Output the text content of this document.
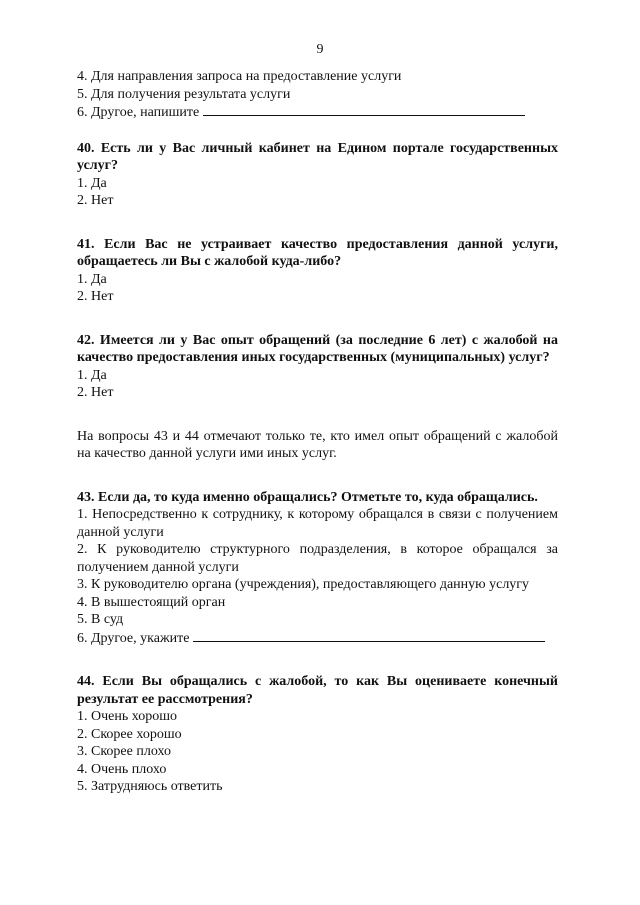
9
4. Для направления запроса на предоставление услуги
5. Для получения результата услуги
6. Другое, напишите
40. Есть ли у Вас личный кабинет на Едином портале государственных услуг?
1. Да
2. Нет
41. Если Вас не устраивает качество предоставления данной услуги, обращаетесь ли Вы с жалобой куда-либо?
1. Да
2. Нет
42. Имеется ли у Вас опыт обращений (за последние 6 лет) с жалобой на качество предоставления иных государственных (муниципальных) услуг?
1. Да
2. Нет
На вопросы 43 и 44 отмечают только те, кто имел опыт обращений с жалобой на качество данной услуги ими иных услуг.
43. Если да, то куда именно обращались? Отметьте то, куда обращались.
1. Непосредственно к сотруднику, к которому обращался в связи с получением данной услуги
2. К руководителю структурного подразделения, в которое обращался за получением данной услуги
3. К руководителю органа (учреждения), предоставляющего данную услугу
4. В вышестоящий орган
5. В суд
6. Другое, укажите
44. Если Вы обращались с жалобой, то как Вы оцениваете конечный результат ее рассмотрения?
1. Очень хорошо
2. Скорее хорошо
3. Скорее плохо
4. Очень плохо
5. Затрудняюсь ответить
